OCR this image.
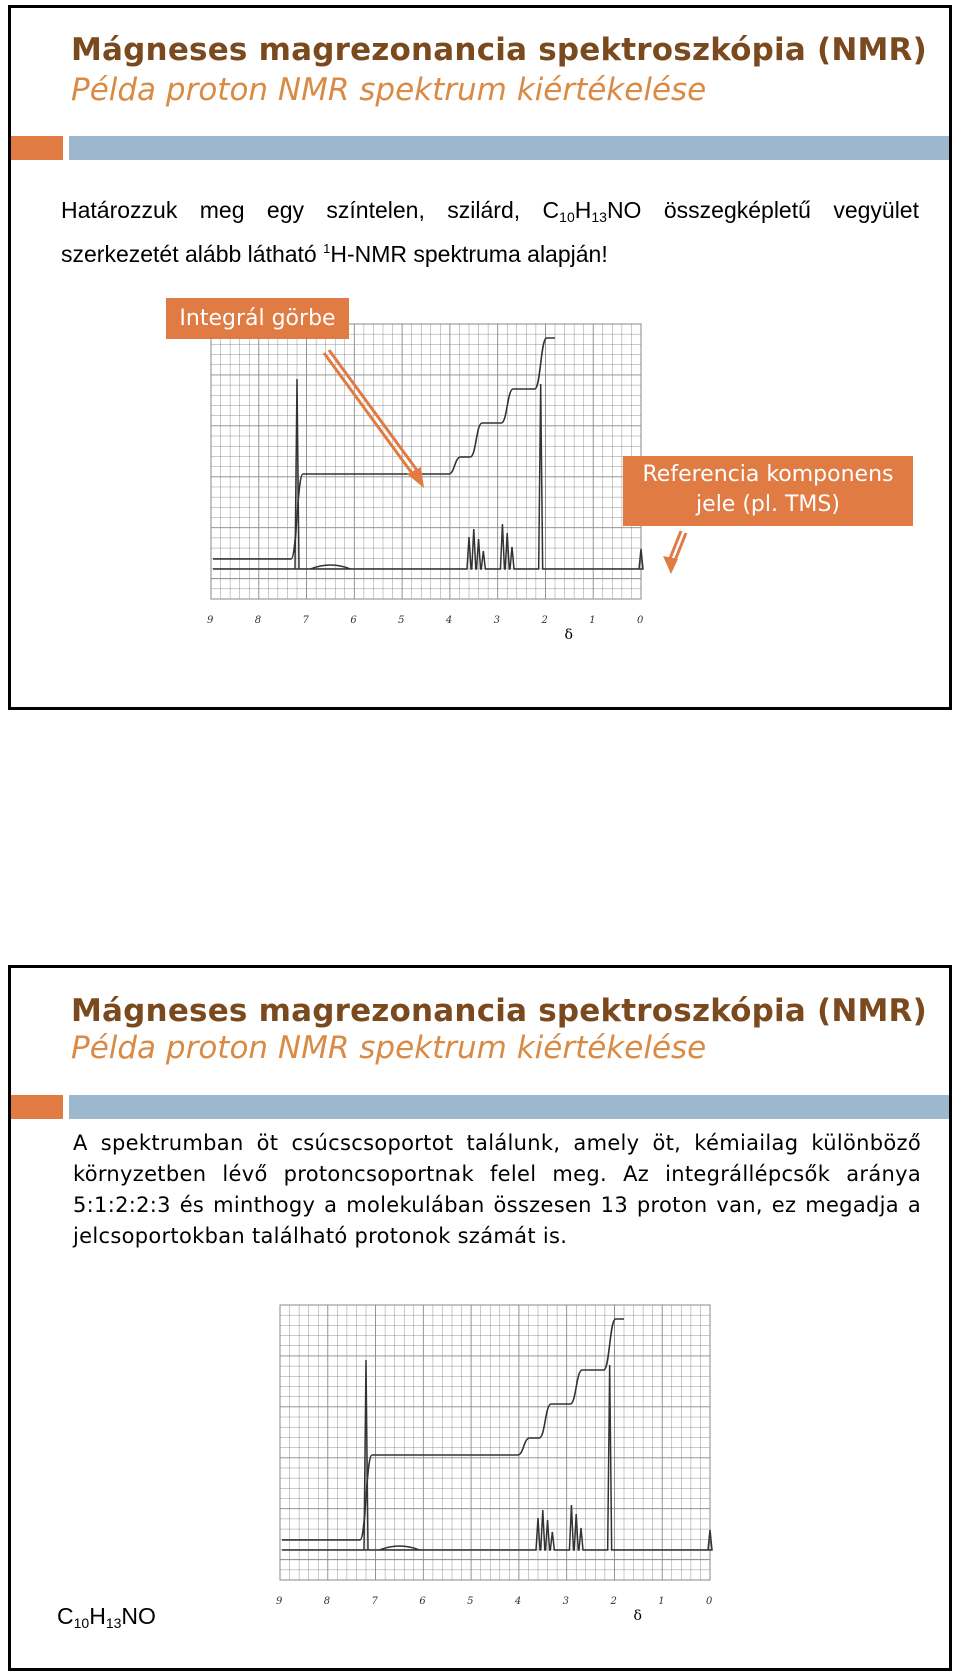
Mágneses magrezonancia spektroszkópia (NMR)
Példa proton NMR spektrum kiértékelése
Határozzuk meg egy színtelen, szilárd, $C_{10}H_{13}NO$ összegképletű vegyület szerkezetét alább látható $^1$H-NMR spektruma alapján!
9	8	7	6	5	4	3	2	1	0
δ
Integrál görbe
Referencia komponens
jele (pl. TMS)
Mágneses magrezonancia spektroszkópia (NMR)
Példa proton NMR spektrum kiértékelése
A spektrumban öt csúcscsoportot találunk, amely öt, kémiailag különböző környzetben lévő protoncsoportnak felel meg. Az integrállépcsők aránya 5:1:2:2:3 és minthogy a molekulában összesen 13 proton van, ez megadja a jelcsoportokban található protonok számát is.
9	8	7	6	5	4	3	2	1	0
δ
$C_{10}H_{13}NO$
